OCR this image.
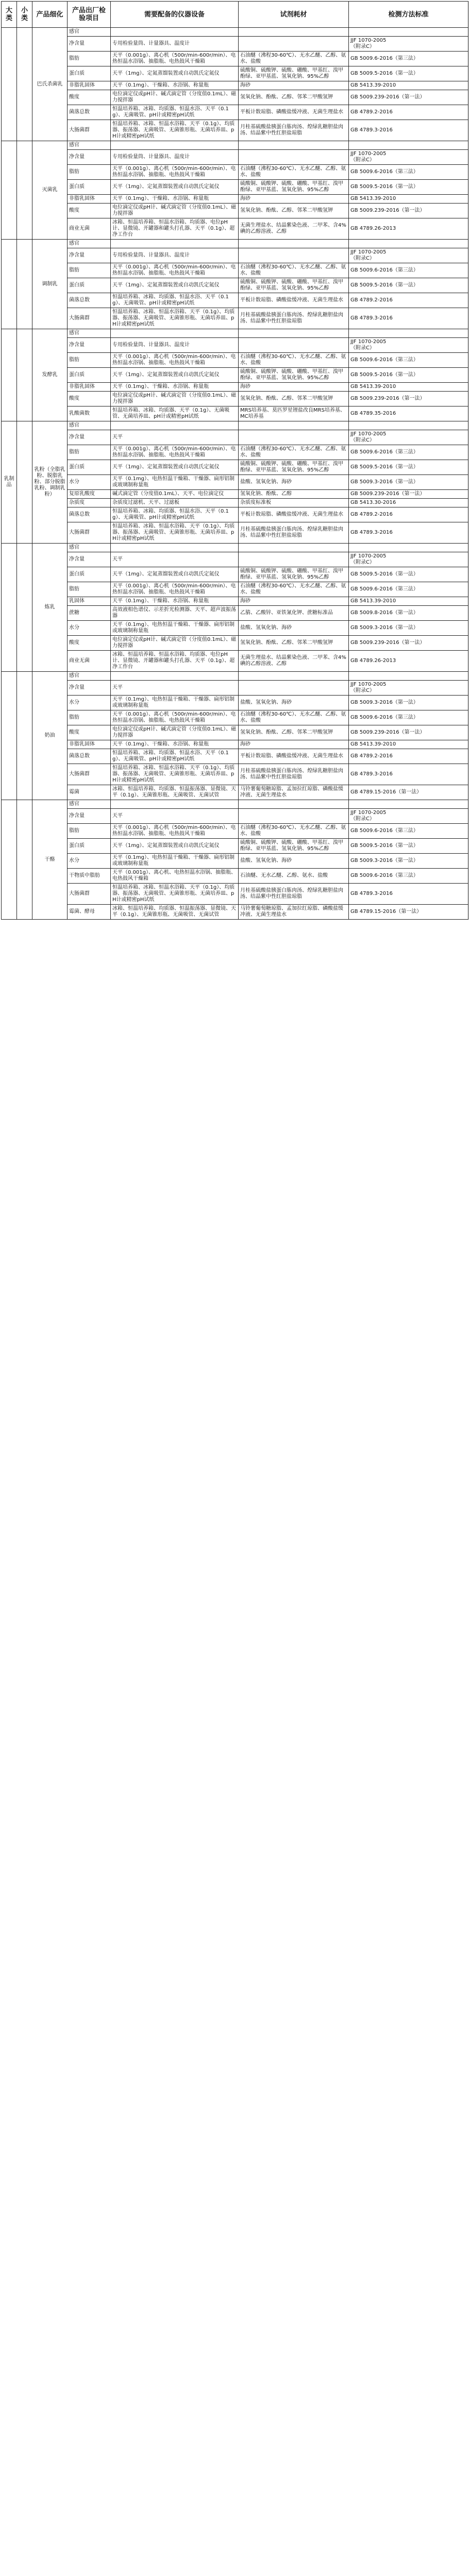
大类	小类	产品细化	产品出厂检验项目	需要配备的仪器设备	试剂耗材	检测方法标准
		巴氏杀菌乳	感官			
			净含量	专用检验量筒、计量器具、温度计		JJF 1070-2005
（附录C）
			脂肪	天平（0.001g）、离心机（500r/min-600r/min）、电热恒温水浴锅、抽脂瓶、电热鼓风干燥箱	石油醚（沸程30-60℃）、无水乙醚、乙醇、氨水、盐酸	GB 5009.6-2016（第三法）
			蛋白质	天平（1mg）、定氮蒸馏装置或自动凯氏定氮仪	硫酸铜、硫酸钾、硫酸、硼酸、甲基红、溴甲酚绿、亚甲基蓝、氢氧化钠、95%乙醇	GB 5009.5-2016（第一法）
			非脂乳固体	天平（0.1mg）、干燥箱、水浴锅、称量瓶	海砂	GB 5413.39-2010
			酸度	电位滴定仪或pH计、碱式滴定管（分度值0.1mL）、磁力搅拌器	氢氧化钠、酚酞、乙醇、邻苯二甲酸氢钾	GB 5009.239-2016（第一法）
			菌落总数	恒温培养箱、冰箱、均质器、恒温水浴、天平（0.1g）、无菌吸管、pH计或精密pH试纸	平板计数琼脂、磷酸盐缓冲液、无菌生理盐水	GB 4789.2-2016
			大肠菌群	恒温培养箱、冰箱、恒温水浴箱、天平（0.1g）、均质器、振荡器、无菌吸管、无菌锥形瓶、无菌培养皿、pH计或精密pH试纸	月桂基硫酸盐胰蛋白胨肉汤、煌绿乳糖胆盐肉汤、结晶紫中性红胆盐琼脂	GB 4789.3-2016
		灭菌乳	感官			
			净含量	专用检验量筒、计量器具、温度计		JJF 1070-2005
（附录C）
			脂肪	天平（0.001g）、离心机（500r/min-600r/min）、电热恒温水浴锅、抽脂瓶、电热鼓风干燥箱	石油醚（沸程30-60℃）、无水乙醚、乙醇、氨水、盐酸	GB 5009.6-2016（第三法）
			蛋白质	天平（1mg）、定氮蒸馏装置或自动凯氏定氮仪	硫酸铜、硫酸钾、硫酸、硼酸、甲基红、溴甲酚绿、亚甲基蓝、氢氧化钠、95%乙醇	GB 5009.5-2016（第一法）
			非脂乳固体	天平（0.1mg）、干燥箱、水浴锅、称量瓶	海砂	GB 5413.39-2010
			酸度	电位滴定仪或pH计、碱式滴定管（分度值0.1mL）、磁力搅拌器	氢氧化钠、酚酞、乙醇、邻苯二甲酸氢钾	GB 5009.239-2016（第一法）
			商业无菌	冰箱、恒温培养箱、恒温水浴箱、均质器、电位pH计、显微镜、开罐器和罐头打孔器、天平（0.1g）、超净工作台	无菌生理盐水、结晶紫染色液、二甲苯、含4%碘的乙醇溶液、乙醇	GB 4789.26-2013
		调制乳	感官			
			净含量	专用检验量筒、计量器具、温度计		JJF 1070-2005
（附录C）
			脂肪	天平（0.001g）、离心机（500r/min-600r/min）、电热恒温水浴锅、抽脂瓶、电热鼓风干燥箱	石油醚（沸程30-60℃）、无水乙醚、乙醇、氨水、盐酸	GB 5009.6-2016（第三法）
			蛋白质	天平（1mg）、定氮蒸馏装置或自动凯氏定氮仪	硫酸铜、硫酸钾、硫酸、硼酸、甲基红、溴甲酚绿、亚甲基蓝、氢氧化钠、95%乙醇	GB 5009.5-2016（第一法）
			菌落总数	恒温培养箱、冰箱、均质器、恒温水浴、天平（0.1g）、无菌吸管、pH计或精密pH试纸	平板计数琼脂、磷酸盐缓冲液、无菌生理盐水	GB 4789.2-2016
			大肠菌群	恒温培养箱、冰箱、恒温水浴箱、天平（0.1g）、均质器、振荡器、无菌吸管、无菌锥形瓶、无菌培养皿、pH计或精密pH试纸	月桂基硫酸盐胰蛋白胨肉汤、煌绿乳糖胆盐肉汤、结晶紫中性红胆盐琼脂	GB 4789.3-2016
		发酵乳	感官			
			净含量	专用检验量筒、计量器具、温度计		JJF 1070-2005
（附录C）
			脂肪	天平（0.001g）、离心机（500r/min-600r/min）、电热恒温水浴锅、抽脂瓶、电热鼓风干燥箱	石油醚（沸程30-60℃）、无水乙醚、乙醇、氨水、盐酸	GB 5009.6-2016（第三法）
			蛋白质	天平（1mg）、定氮蒸馏装置或自动凯氏定氮仪	硫酸铜、硫酸钾、硫酸、硼酸、甲基红、溴甲酚绿、亚甲基蓝、氢氧化钠、95%乙醇	GB 5009.5-2016（第一法）
			非脂乳固体	天平（0.1mg）、干燥箱、水浴锅、称量瓶	海砂	GB 5413.39-2010
			酸度	电位滴定仪或pH计、碱式滴定管（分度值0.1mL）、磁力搅拌器	氢氧化钠、酚酞、乙醇、邻苯二甲酸氢钾	GB 5009.239-2016（第一法）
			乳酸菌数	恒温培养箱、冰箱、均质器、天平（0.1g）、无菌吸管、无菌培养皿、pH计或精密pH试纸	MRS培养基、莫匹罗星锂盐改良MRS培养基、MC培养基	GB 4789.35-2016
乳制品		乳粉（全脂乳粉、脱脂乳粉、部分脱脂乳粉、调制乳粉）	感官			
			净含量	天平		JJF 1070-2005
（附录C）
			脂肪	天平（0.001g）、离心机（500r/min-600r/min）、电热恒温水浴锅、抽脂瓶、电热鼓风干燥箱	石油醚（沸程30-60℃）、无水乙醚、乙醇、氨水、盐酸	GB 5009.6-2016（第三法）
			蛋白质	天平（1mg）、定氮蒸馏装置或自动凯氏定氮仪	硫酸铜、硫酸钾、硫酸、硼酸、甲基红、溴甲酚绿、亚甲基蓝、氢氧化钠、95%乙醇	GB 5009.5-2016（第一法）
			水分	天平（0.1mg）、电热恒温干燥箱、干燥器、扁形铝制或玻璃制称量瓶	盐酸、氢氧化钠、海砂	GB 5009.3-2016（第一法）
			复原乳酸度	碱式滴定管（分度值0.1mL）、天平、电位滴定仪	氢氧化钠、酚酞、乙醇	GB 5009.239-2016（第一法）
			杂质度	杂质度过滤机、天平、过滤板	杂质度标准板	GB 5413.30-2016
			菌落总数	恒温培养箱、冰箱、均质器、恒温水浴、天平（0.1g）、无菌吸管、pH计或精密pH试纸	平板计数琼脂、磷酸盐缓冲液、无菌生理盐水	GB 4789.2-2016
			大肠菌群	恒温培养箱、冰箱、恒温水浴箱、天平（0.1g）、均质器、振荡器、无菌吸管、无菌锥形瓶、无菌培养皿、pH计或精密pH试纸	月桂基硫酸盐胰蛋白胨肉汤、煌绿乳糖胆盐肉汤、结晶紫中性红胆盐琼脂	GB 4789.3-2016
		炼乳	感官			
			净含量	天平		JJF 1070-2005
（附录C）
			蛋白质	天平（1mg）、定氮蒸馏装置或自动凯氏定氮仪	硫酸铜、硫酸钾、硫酸、硼酸、甲基红、溴甲酚绿、亚甲基蓝、氢氧化钠、95%乙醇	GB 5009.5-2016（第一法）
			脂肪	天平（0.001g）、离心机（500r/min-600r/min）、电热恒温水浴锅、抽脂瓶、电热鼓风干燥箱	石油醚（沸程30-60℃）、无水乙醚、乙醇、氨水、盐酸	GB 5009.6-2016（第三法）
			乳固体	天平（0.1mg）、干燥箱、水浴锅、称量瓶	海砂	GB 5413.39-2010
			蔗糖	高效液相色谱仪、示差折光检测器、天平、超声波振荡器	乙腈、乙酸锌、亚铁氰化钾、蔗糖标准品	GB 5009.8-2016（第一法）
			水分	天平（0.1mg）、电热恒温干燥箱、干燥器、扁形铝制或玻璃制称量瓶	盐酸、氢氧化钠、海砂	GB 5009.3-2016（第一法）
			酸度	电位滴定仪或pH计、碱式滴定管（分度值0.1mL）、磁力搅拌器	氢氧化钠、酚酞、乙醇、邻苯二甲酸氢钾	GB 5009.239-2016（第一法）
			商业无菌	冰箱、恒温培养箱、恒温水浴箱、均质器、电位pH计、显微镜、开罐器和罐头打孔器、天平（0.1g）、超净工作台	无菌生理盐水、结晶紫染色液、二甲苯、含4%碘的乙醇溶液、乙醇	GB 4789.26-2013
		奶油	感官			
			净含量	天平		JJF 1070-2005
（附录C）
			水分	天平（0.1mg）、电热恒温干燥箱、干燥器、扁形铝制或玻璃制称量瓶	盐酸、氢氧化钠、海砂	GB 5009.3-2016（第一法）
			脂肪	天平（0.001g）、离心机（500r/min-600r/min）、电热恒温水浴锅、抽脂瓶、电热鼓风干燥箱	石油醚（沸程30-60℃）、无水乙醚、乙醇、氨水、盐酸	GB 5009.6-2016（第三法）
			酸度	电位滴定仪或pH计、碱式滴定管（分度值0.1mL）、磁力搅拌器	氢氧化钠、酚酞、乙醇、邻苯二甲酸氢钾	GB 5009.239-2016（第一法）
			非脂乳固体	天平（0.1mg）、干燥箱、水浴锅、称量瓶	海砂	GB 5413.39-2010
			菌落总数	恒温培养箱、冰箱、均质器、恒温水浴、天平（0.1g）、无菌吸管、pH计或精密pH试纸	平板计数琼脂、磷酸盐缓冲液、无菌生理盐水	GB 4789.2-2016
			大肠菌群	恒温培养箱、冰箱、恒温水浴箱、天平（0.1g）、均质器、振荡器、无菌吸管、无菌锥形瓶、无菌培养皿、pH计或精密pH试纸	月桂基硫酸盐胰蛋白胨肉汤、煌绿乳糖胆盐肉汤、结晶紫中性红胆盐琼脂	GB 4789.3-2016
			霉菌	冰箱、恒温培养箱、均质器、恒温振荡器、显微镜、天平（0.1g）、无菌锥形瓶、无菌吸管、无菌试管	马铃薯葡萄糖琼脂、孟加拉红琼脂、磷酸盐缓冲液、无菌生理盐水	GB 4789.15-2016（第一法）
		干酪	感官			
			净含量	天平		JJF 1070-2005
（附录C）
			脂肪	天平（0.001g）、离心机（500r/min-600r/min）、电热恒温水浴锅、抽脂瓶、电热鼓风干燥箱	石油醚（沸程30-60℃）、无水乙醚、乙醇、氨水、盐酸	GB 5009.6-2016（第三法）
			蛋白质	天平（1mg）、定氮蒸馏装置或自动凯氏定氮仪	硫酸铜、硫酸钾、硫酸、硼酸、甲基红、溴甲酚绿、亚甲基蓝、氢氧化钠、95%乙醇	GB 5009.5-2016（第一法）
			水分	天平（0.1mg）、电热恒温干燥箱、干燥器、扁形铝制或玻璃制称量瓶	盐酸、氢氧化钠、海砂	GB 5009.3-2016（第一法）
			干物质中脂肪	天平（0.001g）、离心机、电热恒温水浴锅、抽脂瓶、电热鼓风干燥箱	石油醚、无水乙醚、乙醇、氨水、盐酸	GB 5009.6-2016（第三法）
			大肠菌群	恒温培养箱、冰箱、恒温水浴箱、天平（0.1g）、均质器、振荡器、无菌吸管、无菌锥形瓶、无菌培养皿、pH计或精密pH试纸	月桂基硫酸盐胰蛋白胨肉汤、煌绿乳糖胆盐肉汤、结晶紫中性红胆盐琼脂	GB 4789.3-2016
			霉菌、酵母	冰箱、恒温培养箱、均质器、恒温振荡器、显微镜、天平（0.1g）、无菌锥形瓶、无菌吸管、无菌试管	马铃薯葡萄糖琼脂、孟加拉红琼脂、磷酸盐缓冲液、无菌生理盐水	GB 4789.15-2016（第一法）
